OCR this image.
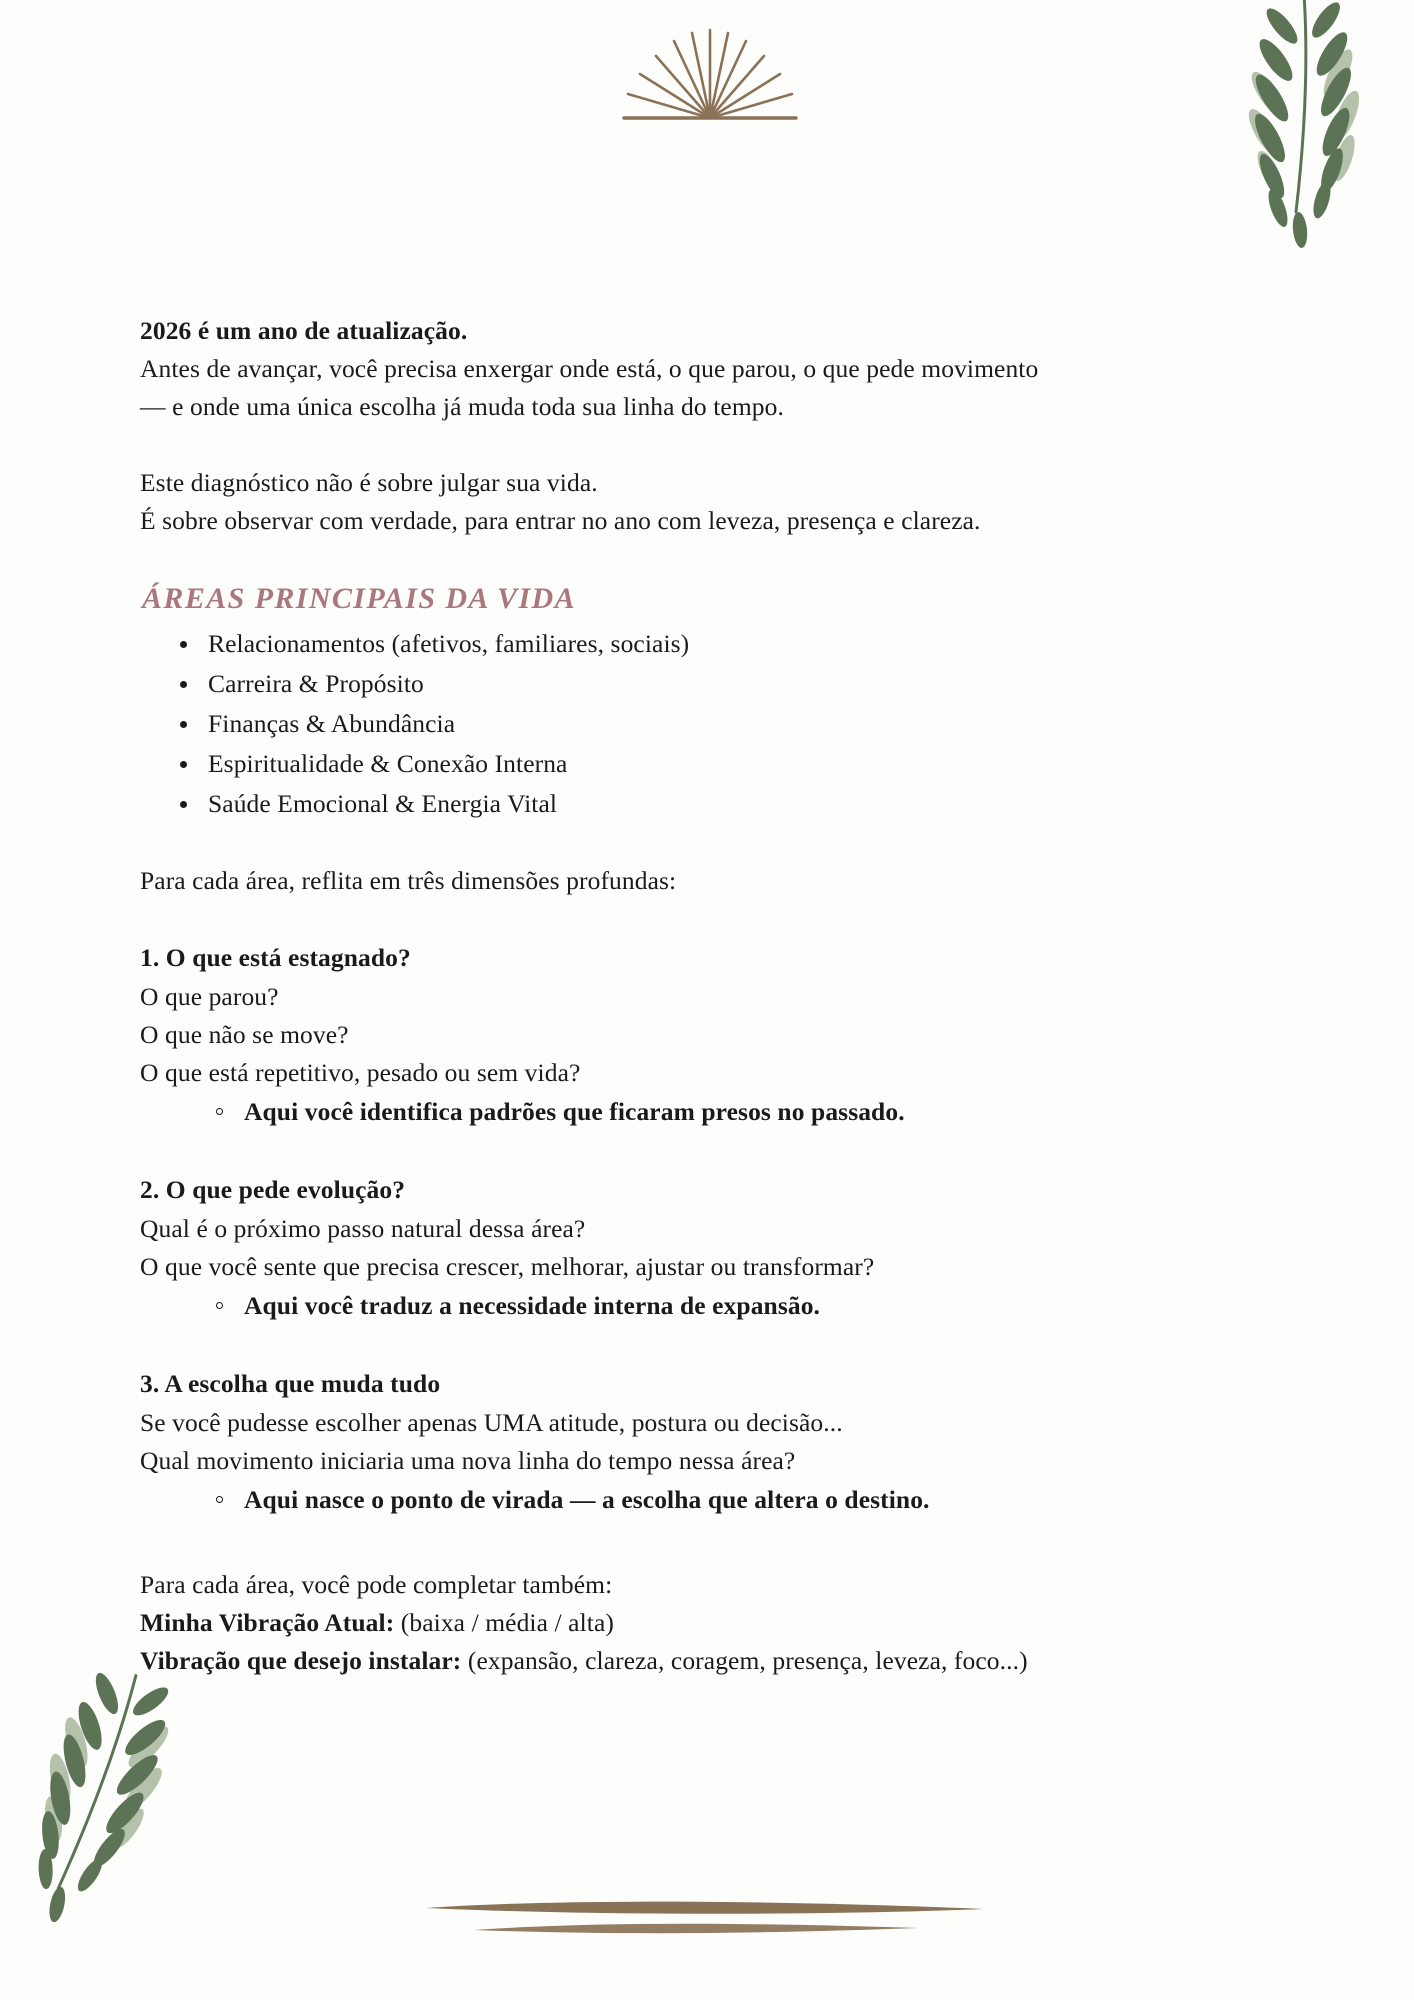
2026 é um ano de atualização.

Antes de avançar, você precisa enxergar onde está, o que parou, o que pede movimento

— e onde uma única escolha já muda toda sua linha do tempo.

Este diagnóstico não é sobre julgar sua vida.

É sobre observar com verdade, para entrar no ano com leveza, presença e clareza.

ÁREAS PRINCIPAIS DA VIDA

Relacionamentos (afetivos, familiares, sociais)
Carreira & Propósito
Finanças & Abundância
Espiritualidade & Conexão Interna
Saúde Emocional & Energia Vital

Para cada área, reflita em três dimensões profundas:

1. O que está estagnado?

O que parou?

O que não se move?

O que está repetitivo, pesado ou sem vida?

Aqui você identifica padrões que ficaram presos no passado.

2. O que pede evolução?

Qual é o próximo passo natural dessa área?

O que você sente que precisa crescer, melhorar, ajustar ou transformar?

Aqui você traduz a necessidade interna de expansão.

3. A escolha que muda tudo

Se você pudesse escolher apenas UMA atitude, postura ou decisão...

Qual movimento iniciaria uma nova linha do tempo nessa área?

Aqui nasce o ponto de virada — a escolha que altera o destino.

Para cada área, você pode completar também:

Minha Vibração Atual: (baixa / média / alta)

Vibração que desejo instalar: (expansão, clareza, coragem, presença, leveza, foco...)
